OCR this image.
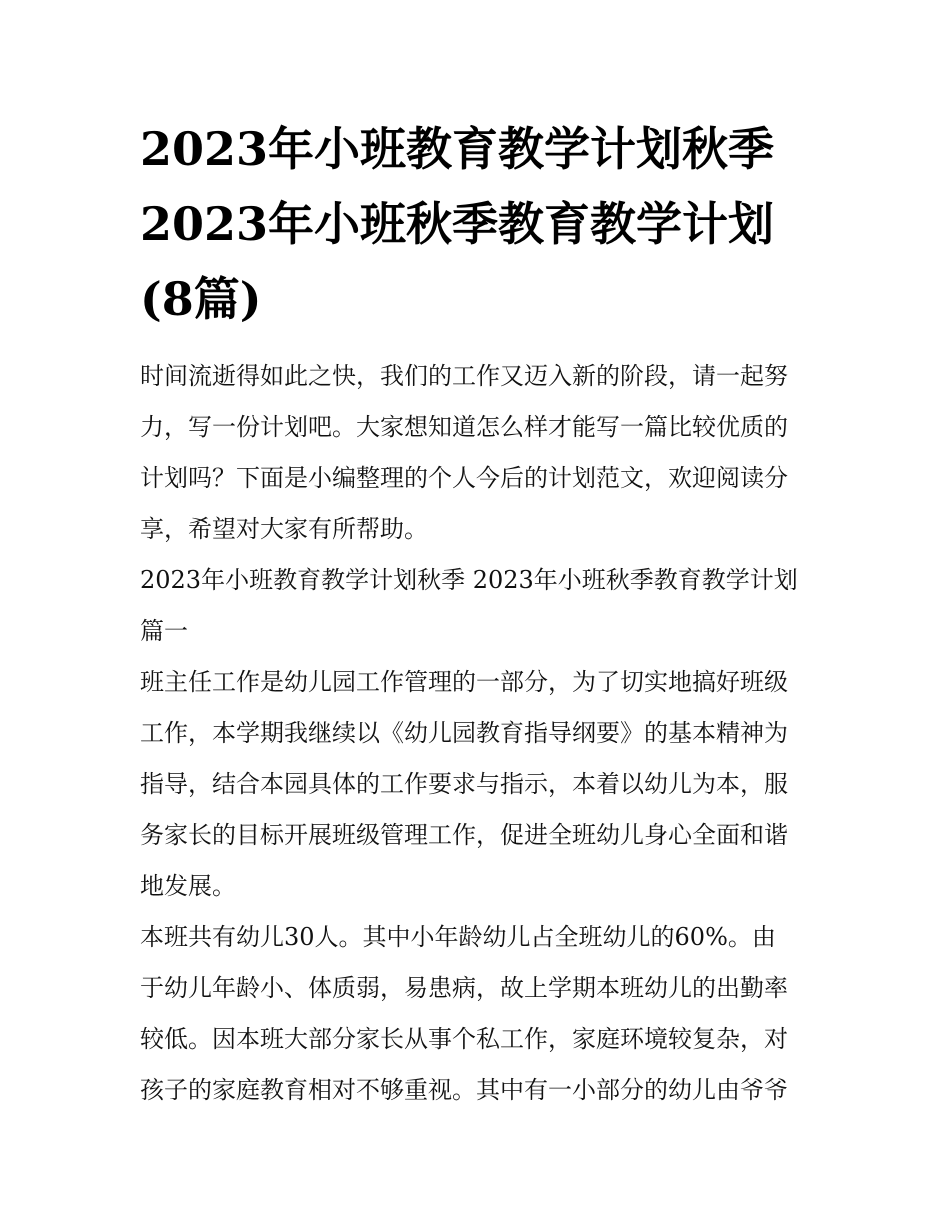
2023年小班教育教学计划秋季
2023年小班秋季教育教学计划
(8篇)
时间流逝得如此之快，我们的工作又迈入新的阶段，请一起努
力，写一份计划吧。大家想知道怎么样才能写一篇比较优质的
计划吗？下面是小编整理的个人今后的计划范文，欢迎阅读分
享，希望对大家有所帮助。
2023年小班教育教学计划秋季 2023年小班秋季教育教学计划
篇一
班主任工作是幼儿园工作管理的一部分，为了切实地搞好班级
工作，本学期我继续以《幼儿园教育指导纲要》的基本精神为
指导，结合本园具体的工作要求与指示，本着以幼儿为本，服
务家长的目标开展班级管理工作，促进全班幼儿身心全面和谐
地发展。
本班共有幼儿30人。其中小年龄幼儿占全班幼儿的60%。由
于幼儿年龄小、体质弱，易患病，故上学期本班幼儿的出勤率
较低。因本班大部分家长从事个私工作，家庭环境较复杂，对
孩子的家庭教育相对不够重视。其中有一小部分的幼儿由爷爷
